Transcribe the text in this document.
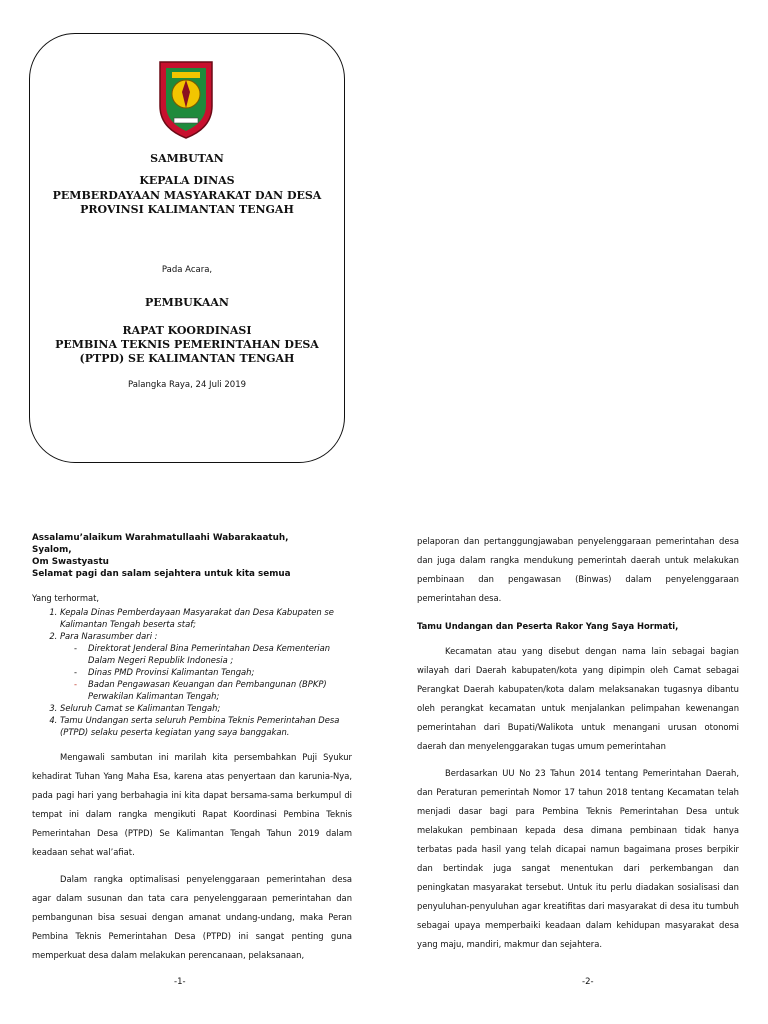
SAMBUTAN
KEPALA DINAS
PEMBERDAYAAN MASYARAKAT DAN DESA
PROVINSI KALIMANTAN TENGAH
Pada Acara,
PEMBUKAAN
RAPAT KOORDINASI
PEMBINA TEKNIS PEMERINTAHAN DESA
(PTPD) SE KALIMANTAN TENGAH
Palangka Raya, 24 Juli 2019
Assalamu’alaikum Warahmatullaahi Wabarakaatuh,
Syalom,
Om Swastyastu
Selamat pagi dan salam sejahtera untuk kita semua
Yang terhormat,
1. Kepala Dinas Pemberdayaan Masyarakat dan Desa Kabupaten se Kalimantan Tengah beserta staf;
2. Para Narasumber dari :
- Direktorat Jenderal Bina Pemerintahan Desa Kementerian Dalam Negeri Republik Indonesia ;
- Dinas PMD Provinsi Kalimantan Tengah;
- Badan Pengawasan Keuangan dan Pembangunan (BPKP) Perwakilan Kalimantan Tengah;
3. Seluruh Camat se Kalimantan Tengah;
4. Tamu Undangan serta seluruh Pembina Teknis Pemerintahan Desa (PTPD) selaku peserta kegiatan yang saya banggakan.

Mengawali sambutan ini marilah kita persembahkan Puji Syukur kehadirat Tuhan Yang Maha Esa, karena atas penyertaan dan karunia-Nya, pada pagi hari yang berbahagia ini kita dapat bersama-sama berkumpul di tempat ini dalam rangka mengikuti Rapat Koordinasi Pembina Teknis Pemerintahan Desa (PTPD) Se Kalimantan Tengah Tahun 2019 dalam keadaan sehat wal’afiat.

Dalam rangka optimalisasi penyelenggaraan pemerintahan desa agar dalam susunan dan tata cara penyelenggaraan pemerintahan dan pembangunan bisa sesuai dengan amanat undang-undang, maka Peran Pembina Teknis Pemerintahan Desa (PTPD) ini sangat penting guna memperkuat desa dalam melakukan perencanaan, pelaksanaan,

-1-

pelaporan dan pertanggungjawaban penyelenggaraan pemerintahan desa dan juga dalam rangka mendukung pemerintah daerah untuk melakukan pembinaan dan pengawasan (Binwas) dalam penyelenggaraan pemerintahan desa.

Tamu Undangan dan Peserta Rakor Yang Saya Hormati,

Kecamatan atau yang disebut dengan nama lain sebagai bagian wilayah dari Daerah kabupaten/kota yang dipimpin oleh Camat sebagai Perangkat Daerah kabupaten/kota dalam melaksanakan tugasnya dibantu oleh perangkat kecamatan untuk menjalankan pelimpahan kewenangan pemerintahan dari Bupati/Walikota untuk menangani urusan otonomi daerah dan menyelenggarakan tugas umum pemerintahan

Berdasarkan UU No 23 Tahun 2014 tentang Pemerintahan Daerah, dan Peraturan pemerintah Nomor 17 tahun 2018 tentang Kecamatan telah menjadi dasar bagi para Pembina Teknis Pemerintahan Desa untuk melakukan pembinaan kepada desa dimana pembinaan tidak hanya terbatas pada hasil yang telah dicapai namun bagaimana proses berpikir dan bertindak juga sangat menentukan dari perkembangan dan peningkatan masyarakat tersebut. Untuk itu perlu diadakan sosialisasi dan penyuluhan-penyuluhan agar kreatifitas dari masyarakat di desa itu tumbuh sebagai upaya memperbaiki keadaan dalam kehidupan masyarakat desa yang maju, mandiri, makmur dan sejahtera.

-2-
